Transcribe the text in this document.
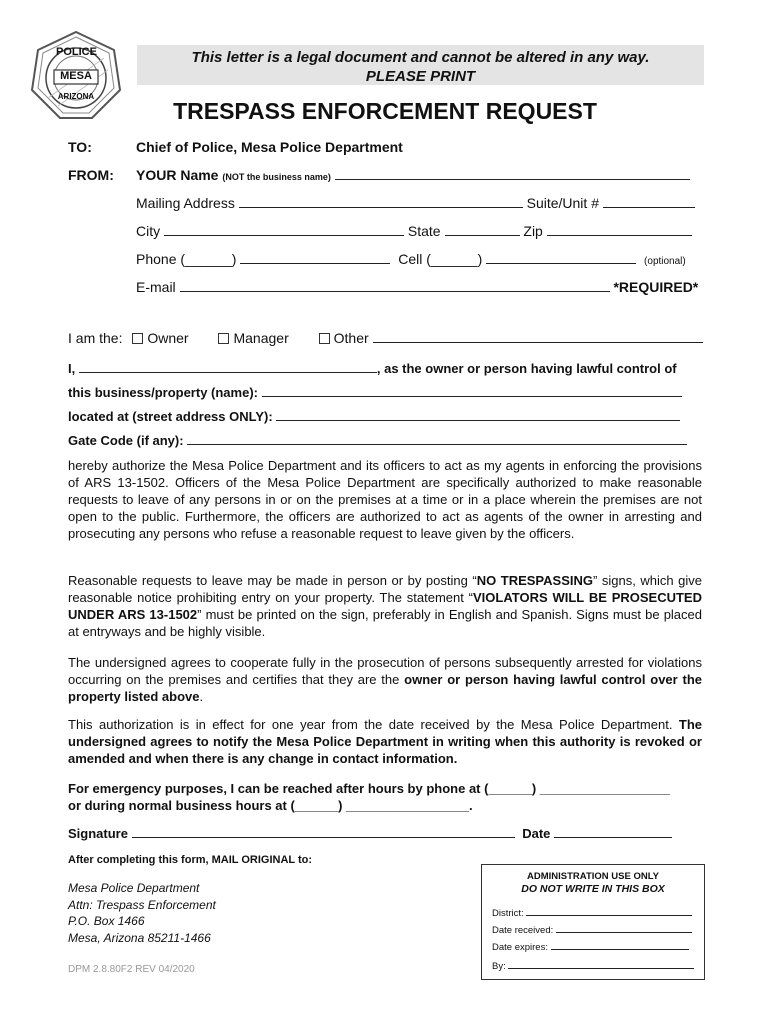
POLICE
MESA
ARIZONA
This letter is a legal document and cannot be altered in any way.
PLEASE PRINT
TRESPASS ENFORCEMENT REQUEST
TO:	Chief of Police, Mesa Police Department
FROM: YOUR Name (NOT the business name)
Mailing Address	Suite/Unit #
City	State	Zip
Phone (______)	Cell (______)	(optional)
E-mail	*REQUIRED*
I am the: Owner	Manager	Other
I,	, as the owner or person having lawful control of
this business/property (name):
located at (street address ONLY):
Gate Code (if any):
hereby authorize the Mesa Police Department and its officers to act as my agents in enforcing the provisions of ARS 13-1502. Officers of the Mesa Police Department are specifically authorized to make reasonable requests to leave of any persons in or on the premises at a time or in a place wherein the premises are not open to the public. Furthermore, the officers are authorized to act as agents of the owner in arresting and prosecuting any persons who refuse a reasonable request to leave given by the officers.
Reasonable requests to leave may be made in person or by posting “NO TRESPASSING” signs, which give reasonable notice prohibiting entry on your property. The statement “VIOLATORS WILL BE PROSECUTED UNDER ARS 13-1502” must be printed on the sign, preferably in English and Spanish. Signs must be placed at entryways and be highly visible.
The undersigned agrees to cooperate fully in the prosecution of persons subsequently arrested for violations occurring on the premises and certifies that they are the owner or person having lawful control over the property listed above.
This authorization is in effect for one year from the date received by the Mesa Police Department. The undersigned agrees to notify the Mesa Police Department in writing when this authority is revoked or amended and when there is any change in contact information.
For emergency purposes, I can be reached after hours by phone at (______) __________________
or during normal business hours at (______) _________________.
Signature	Date
After completing this form, MAIL ORIGINAL to:
Mesa Police Department
Attn: Trespass Enforcement
P.O. Box 1466
Mesa, Arizona 85211-1466
DPM 2.8.80F2 REV 04/2020
ADMINISTRATION USE ONLY
DO NOT WRITE IN THIS BOX
District:
Date received:
Date expires:
By:
